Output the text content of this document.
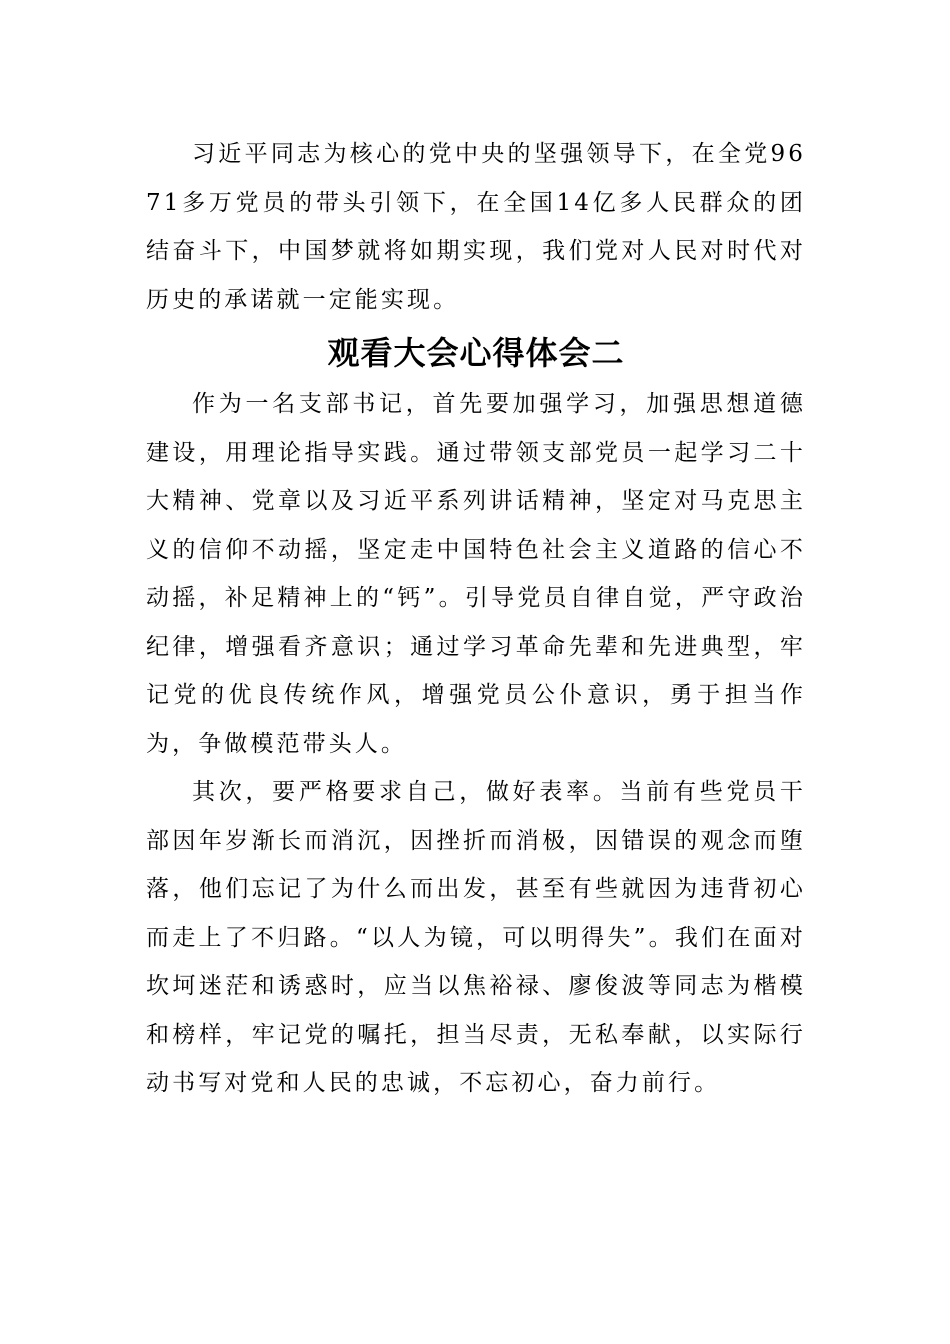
习近平同志为核心的党中央的坚强领导下，在全党9671多万党员的带头引领下，在全国14亿多人民群众的团结奋斗下，中国梦就将如期实现，我们党对人民对时代对历史的承诺就一定能实现。

观看大会心得体会二

作为一名支部书记，首先要加强学习，加强思想道德建设，用理论指导实践。通过带领支部党员一起学习二十大精神、党章以及习近平系列讲话精神，坚定对马克思主义的信仰不动摇，坚定走中国特色社会主义道路的信心不动摇，补足精神上的“钙”。引导党员自律自觉，严守政治纪律，增强看齐意识；通过学习革命先辈和先进典型，牢记党的优良传统作风，增强党员公仆意识，勇于担当作为，争做模范带头人。

其次，要严格要求自己，做好表率。当前有些党员干部因年岁渐长而消沉，因挫折而消极，因错误的观念而堕落，他们忘记了为什么而出发，甚至有些就因为违背初心而走上了不归路。“以人为镜，可以明得失”。我们在面对坎坷迷茫和诱惑时，应当以焦裕禄、廖俊波等同志为楷模和榜样，牢记党的嘱托，担当尽责，无私奉献，以实际行动书写对党和人民的忠诚，不忘初心，奋力前行。
